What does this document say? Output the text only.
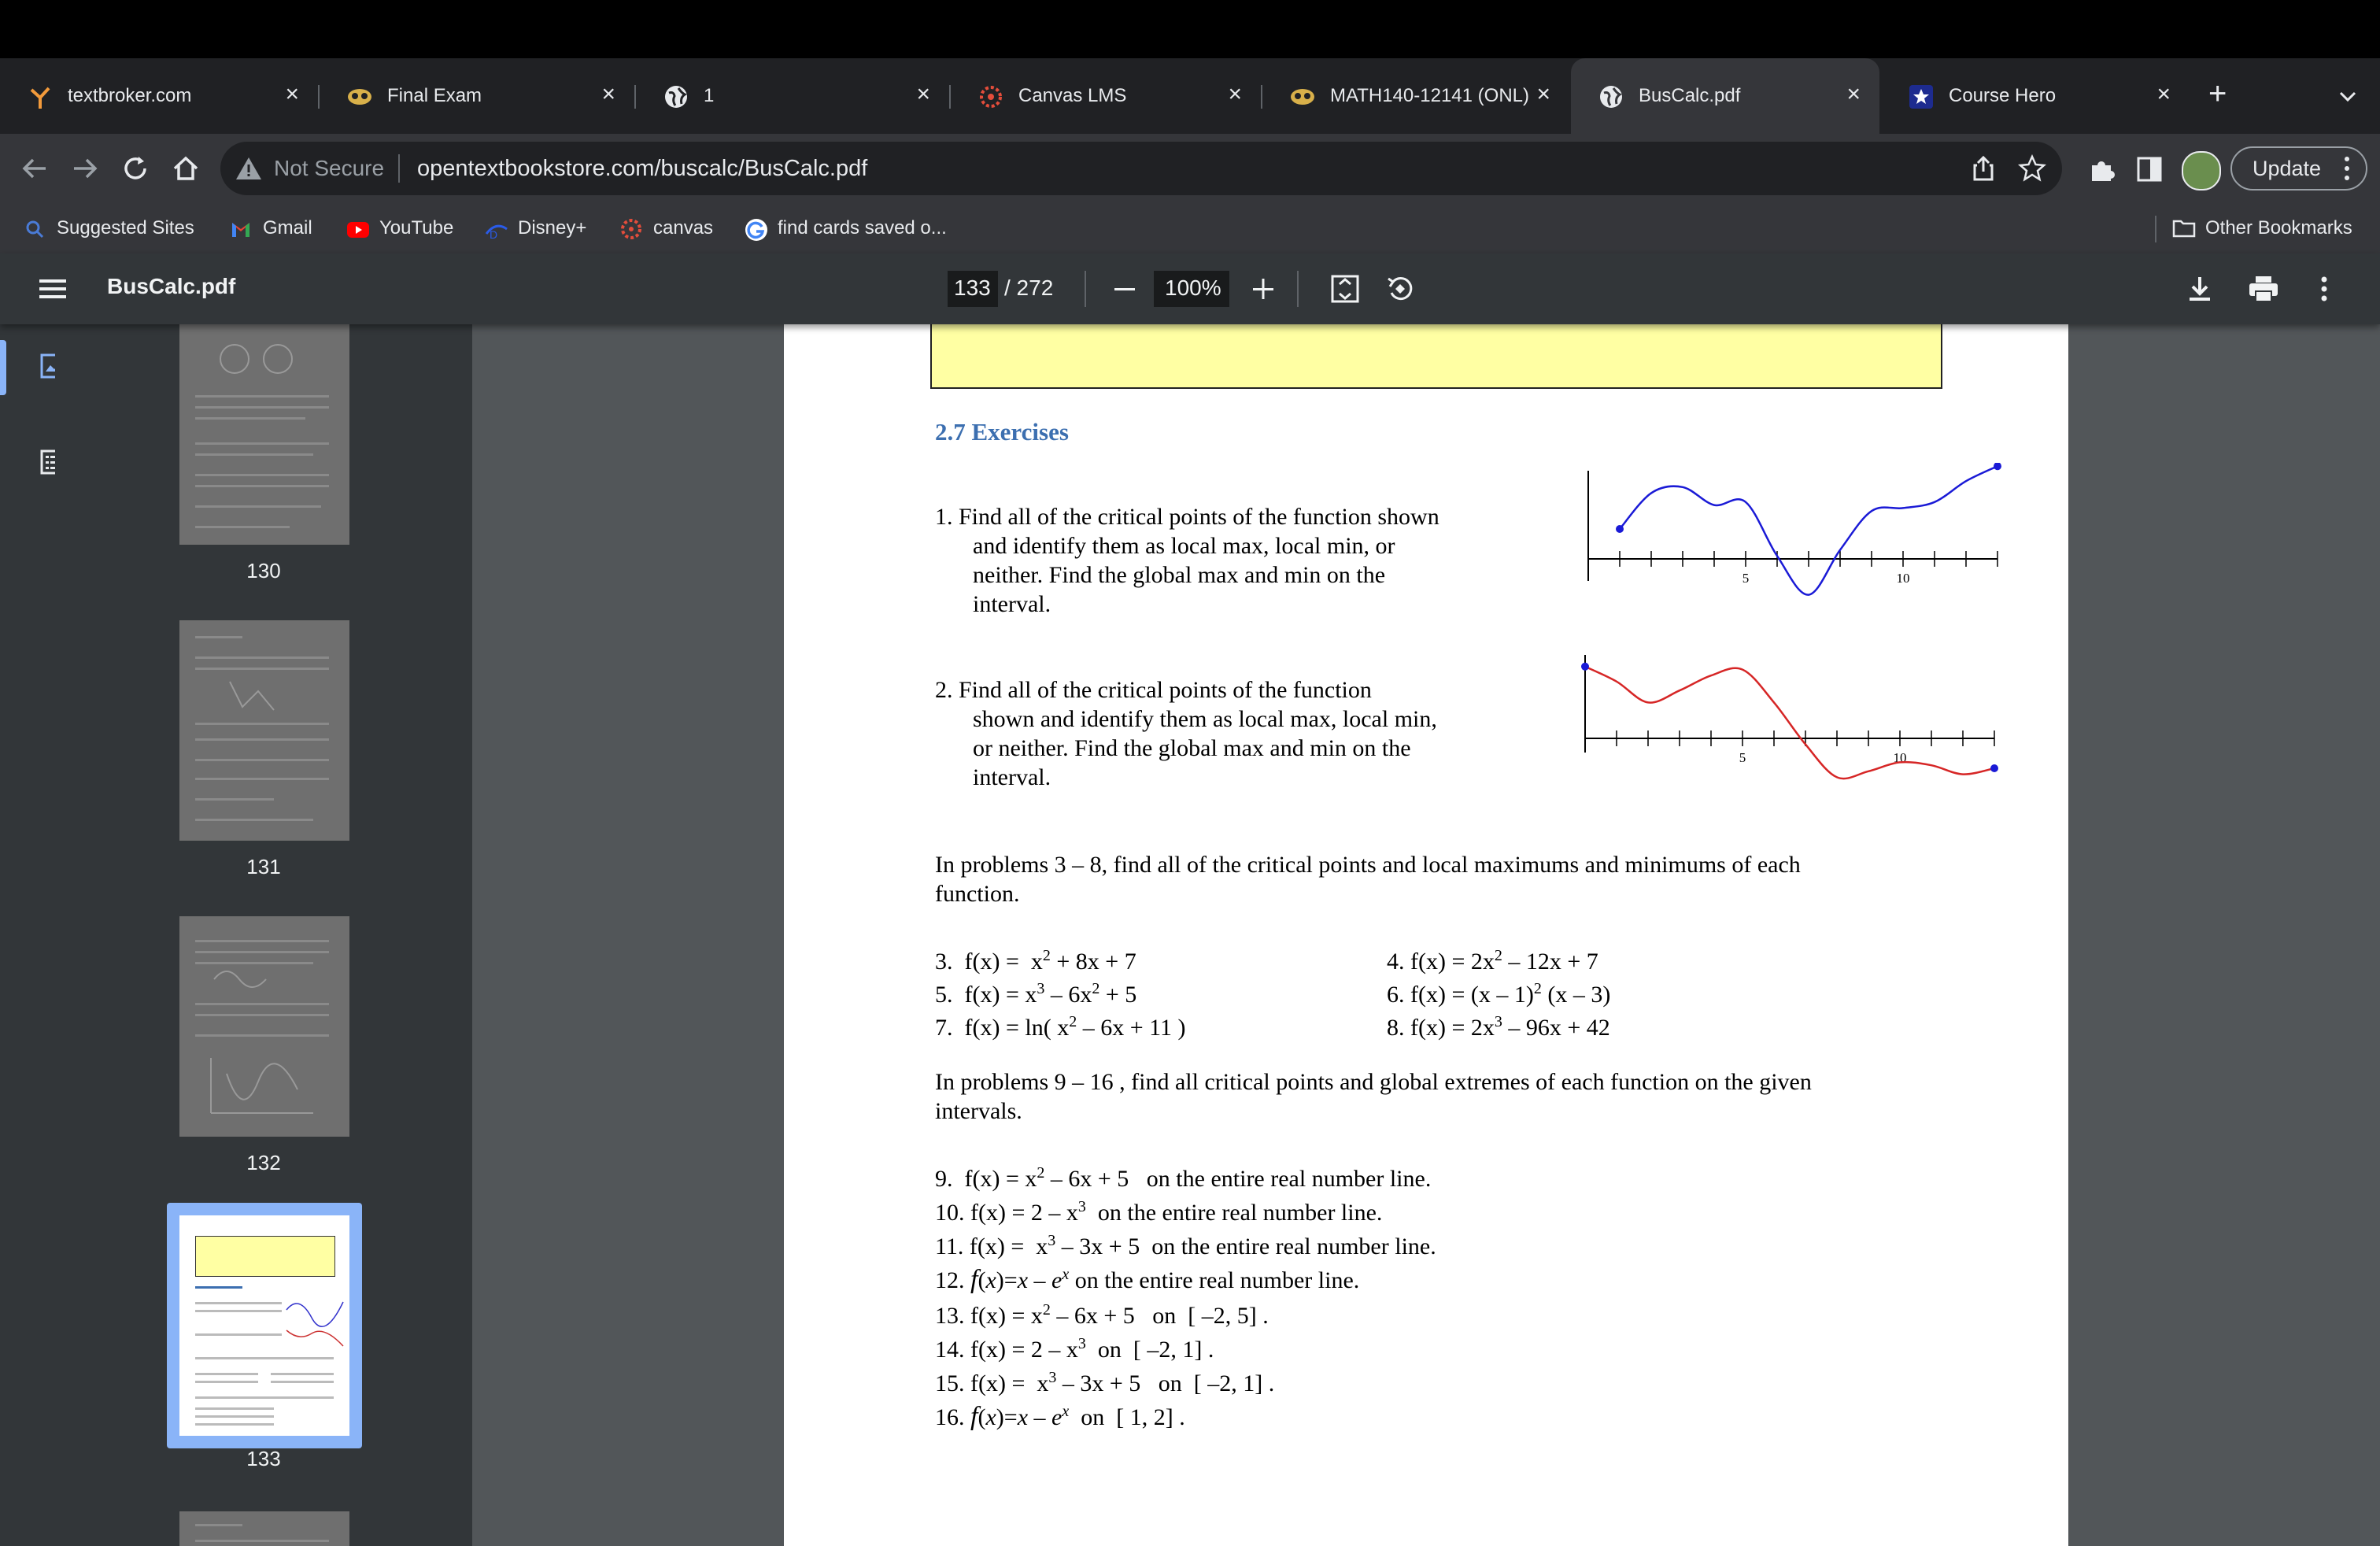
textbroker.com	×	Final Exam	×	1	×	Canvas LMS	×	MATH140-12141 (ONL) ×	BusCalc.pdf	×	Course Hero	× +
Not Secure opentextbookstore.com/buscalc/BusCalc.pdf	Update
Suggested Sites	Gmail	YouTube	D Disney+	canvas	find cards saved o...	Other Bookmarks
BusCalc.pdf	133 / 272	100%
130
131
132
133
2.7 Exercises
1. Find all of the critical points of the function shown
and identify them as local max, local min, or
neither. Find the global max and min on the
interval.
5	10
2. Find all of the critical points of the function
shown and identify them as local max, local min,
or neither. Find the global max and min on the
interval.
5	10
In problems 3 – 8, find all of the critical points and local maximums and minimums of each
function.
3.  $f(x) = x^2 + 8x + 7$	4. $f(x) = 2x^2 - 12x + 7$
5.  $f(x) = x^3 - 6x^2 + 5$	6. f(x) = (x – 1)$^2$ (x – 3)
7.  f(x) = ln( $x^2 - 6x + 11$ )	8. $f(x) = 2x^3 - 96x + 42$
In problems 9 – 16 , find all critical points and global extremes of each function on the given
intervals.
9.  $f(x) = x^2 - 6x + 5$   on the entire real number line.
10. $f(x) = 2 - x^3$  on the entire real number line.
11. $f(x) = x^3 - 3x + 5$  on the entire real number line.
12. $f(x)=x - e^x$ on the entire real number line.
13. $f(x) = x^2 - 6x + 5$   on  [ –2, 5] .
14. $f(x) = 2 - x^3$  on  [ –2, 1] .
15. $f(x) = x^3 - 3x + 5$   on  [ –2, 1] .
16. $f(x)=x - e^x$  on  [ 1, 2] .
